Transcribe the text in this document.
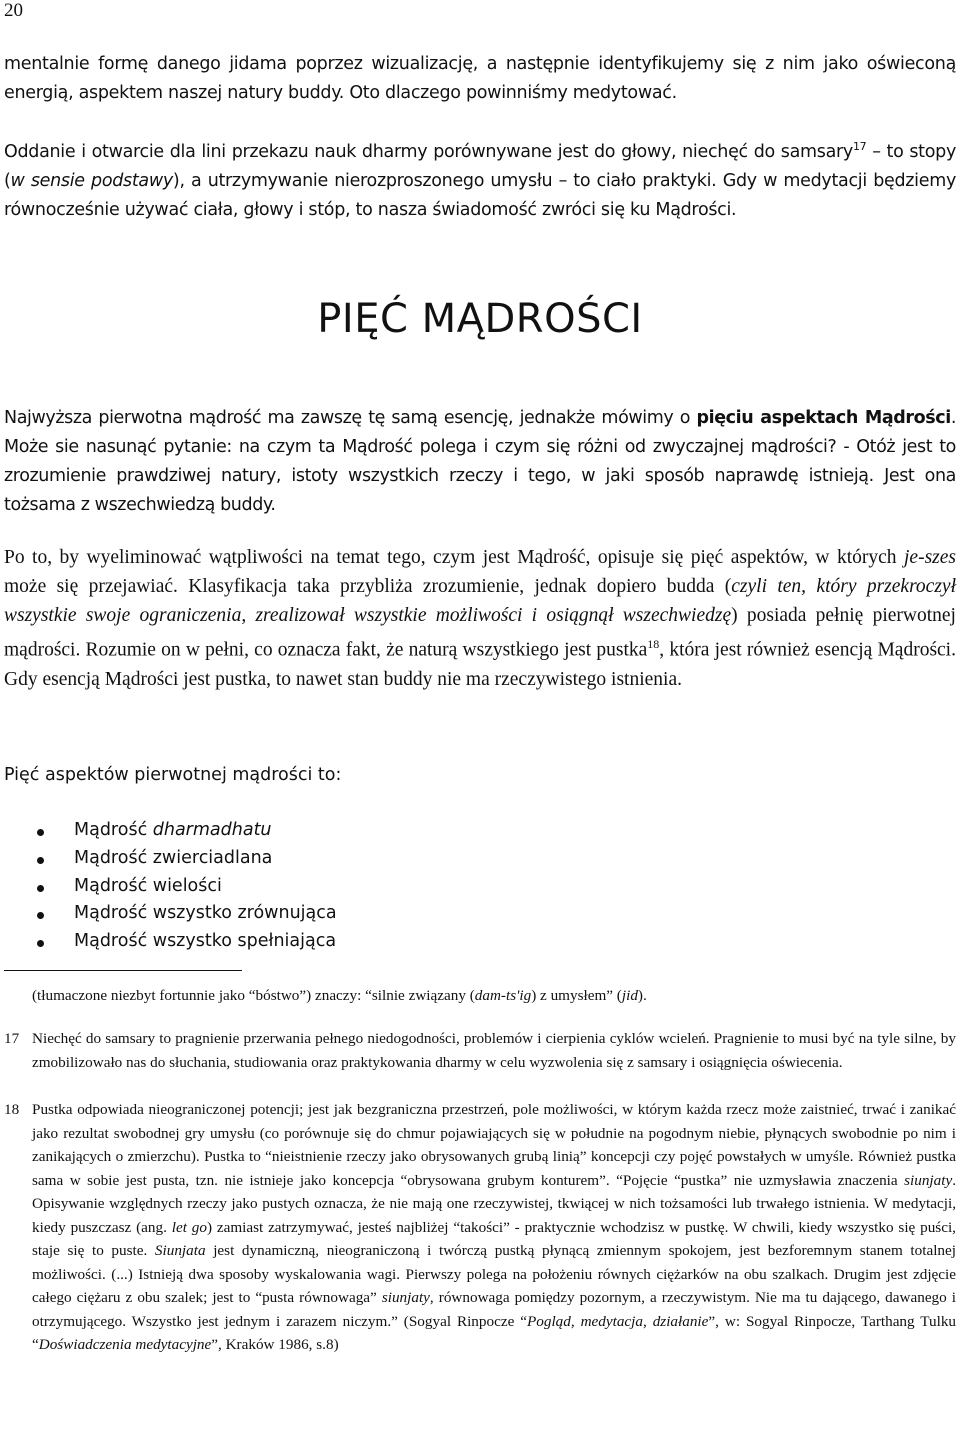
20

mentalnie formę danego jidama poprzez wizualizację, a następnie identyfikujemy się z nim jako oświeconą energią, aspektem naszej natury buddy. Oto dlaczego powinniśmy medytować.

Oddanie i otwarcie dla lini przekazu nauk dharmy porównywane jest do głowy, niechęć do samsary$^{17}$ – to stopy (w sensie podstawy), a utrzymywanie nierozproszonego umysłu – to ciało praktyki. Gdy w medytacji będziemy równocześnie używać ciała, głowy i stóp, to nasza świadomość zwróci się ku Mądrości.

PIĘĆ MĄDROŚCI

Najwyższa pierwotna mądrość ma zawszę tę samą esencję, jednakże mówimy o pięciu aspektach Mądrości. Może sie nasunąć pytanie: na czym ta Mądrość polega i czym się różni od zwyczajnej mądrości? - Otóż jest to zrozumienie prawdziwej natury, istoty wszystkich rzeczy i tego, w jaki sposób naprawdę istnieją. Jest ona tożsama z wszechwiedzą buddy.

Po to, by wyeliminować wątpliwości na temat tego, czym jest Mądrość, opisuje się pięć aspektów, w których je-szes może się przejawiać. Klasyfikacja taka przybliża zrozumienie, jednak dopiero budda (czyli ten, który przekroczył wszystkie swoje ograniczenia, zrealizował wszystkie możliwości i osiągnął wszechwiedzę) posiada pełnię pierwotnej mądrości. Rozumie on w pełni, co oznacza fakt, że naturą wszystkiego jest pustka$^{18}$, która jest również esencją Mądrości. Gdy esencją Mądrości jest pustka, to nawet stan buddy nie ma rzeczywistego istnienia.

Pięć aspektów pierwotnej mądrości to:

Mądrość dharmadhatu
Mądrość zwierciadlana
Mądrość wielości
Mądrość wszystko zrównująca
Mądrość wszystko spełniająca

(tłumaczone niezbyt fortunnie jako “bóstwo”) znaczy: “silnie związany (dam-ts'ig) z umysłem” (jid).

17 Niechęć do samsary to pragnienie przerwania pełnego niedogodności, problemów i cierpienia cyklów wcieleń. Pragnienie to musi być na tyle silne, by zmobilizowało nas do słuchania, studiowania oraz praktykowania dharmy w celu wyzwolenia się z samsary i osiągnięcia oświecenia.

18 Pustka odpowiada nieograniczonej potencji; jest jak bezgraniczna przestrzeń, pole możliwości, w którym każda rzecz może zaistnieć, trwać i zanikać jako rezultat swobodnej gry umysłu (co porównuje się do chmur pojawiających się w południe na pogodnym niebie, płynących swobodnie po nim i zanikających o zmierzchu). Pustka to “nieistnienie rzeczy jako obrysowanych grubą linią” koncepcji czy pojęć powstałych w umyśle. Również pustka sama w sobie jest pusta, tzn. nie istnieje jako koncepcja “obrysowana grubym konturem”. “Pojęcie “pustka” nie uzmysławia znaczenia siunjaty. Opisywanie względnych rzeczy jako pustych oznacza, że nie mają one rzeczywistej, tkwiącej w nich tożsamości lub trwałego istnienia. W medytacji, kiedy puszczasz (ang. let go) zamiast zatrzymywać, jesteś najbliżej “takości” - praktycznie wchodzisz w pustkę. W chwili, kiedy wszystko się puści, staje się to puste. Siunjata jest dynamiczną, nieograniczoną i twórczą pustką płynącą zmiennym spokojem, jest bezforemnym stanem totalnej możliwości. (...) Istnieją dwa sposoby wyskalowania wagi. Pierwszy polega na położeniu równych ciężarków na obu szalkach. Drugim jest zdjęcie całego ciężaru z obu szalek; jest to “pusta równowaga” siunjaty, równowaga pomiędzy pozornym, a rzeczywistym. Nie ma tu dającego, dawanego i otrzymującego. Wszystko jest jednym i zarazem niczym.” (Sogyal Rinpocze “Pogląd, medytacja, działanie”, w: Sogyal Rinpocze, Tarthang Tulku “Doświadczenia medytacyjne”, Kraków 1986, s.8)
